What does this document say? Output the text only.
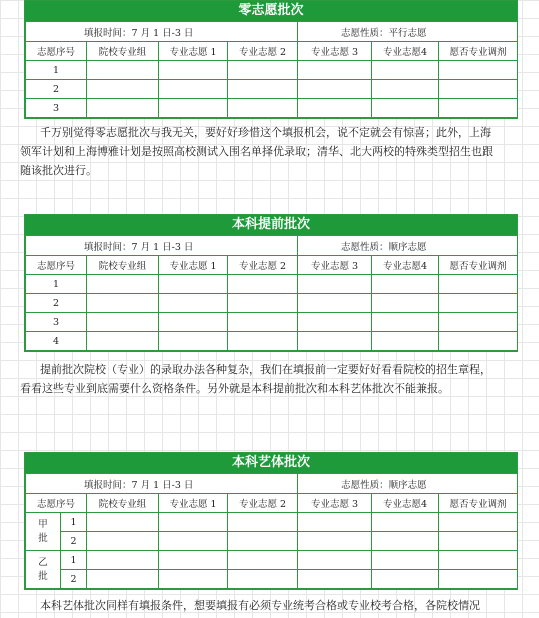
零志愿批次
填报时间：7 月 1 日-3 日				志愿性质：平行志愿		
志愿序号	院校专业组	专业志愿 1	专业志愿 2	专业志愿 3	专业志愿4	愿否专业调剂
1						
2						
3						

千万别觉得零志愿批次与我无关，要好好珍惜这个填报机会，说不定就会有惊喜；此外，上海
领军计划和上海博雅计划是按照高校测试入围名单择优录取；清华、北大两校的特殊类型招生也跟
随该批次进行。

本科提前批次
填报时间：7 月 1 日-3 日				志愿性质：顺序志愿		
志愿序号	院校专业组	专业志愿 1	专业志愿 2	专业志愿 3	专业志愿4	愿否专业调剂
1						
2						
3						
4						

提前批次院校（专业）的录取办法各种复杂，我们在填报前一定要好好看看院校的招生章程，
看看这些专业到底需要什么资格条件。另外就是本科提前批次和本科艺体批次不能兼报。

本科艺体批次
填报时间：7 月 1 日-3 日					志愿性质：顺序志愿		
志愿序号		院校专业组	专业志愿 1	专业志愿 2	专业志愿 3	专业志愿4	愿否专业调剂
甲批	1						
	2						
乙批	1						
	2						

本科艺体批次同样有填报条件，想要填报有必须专业统考合格或专业校考合格，各院校情况
